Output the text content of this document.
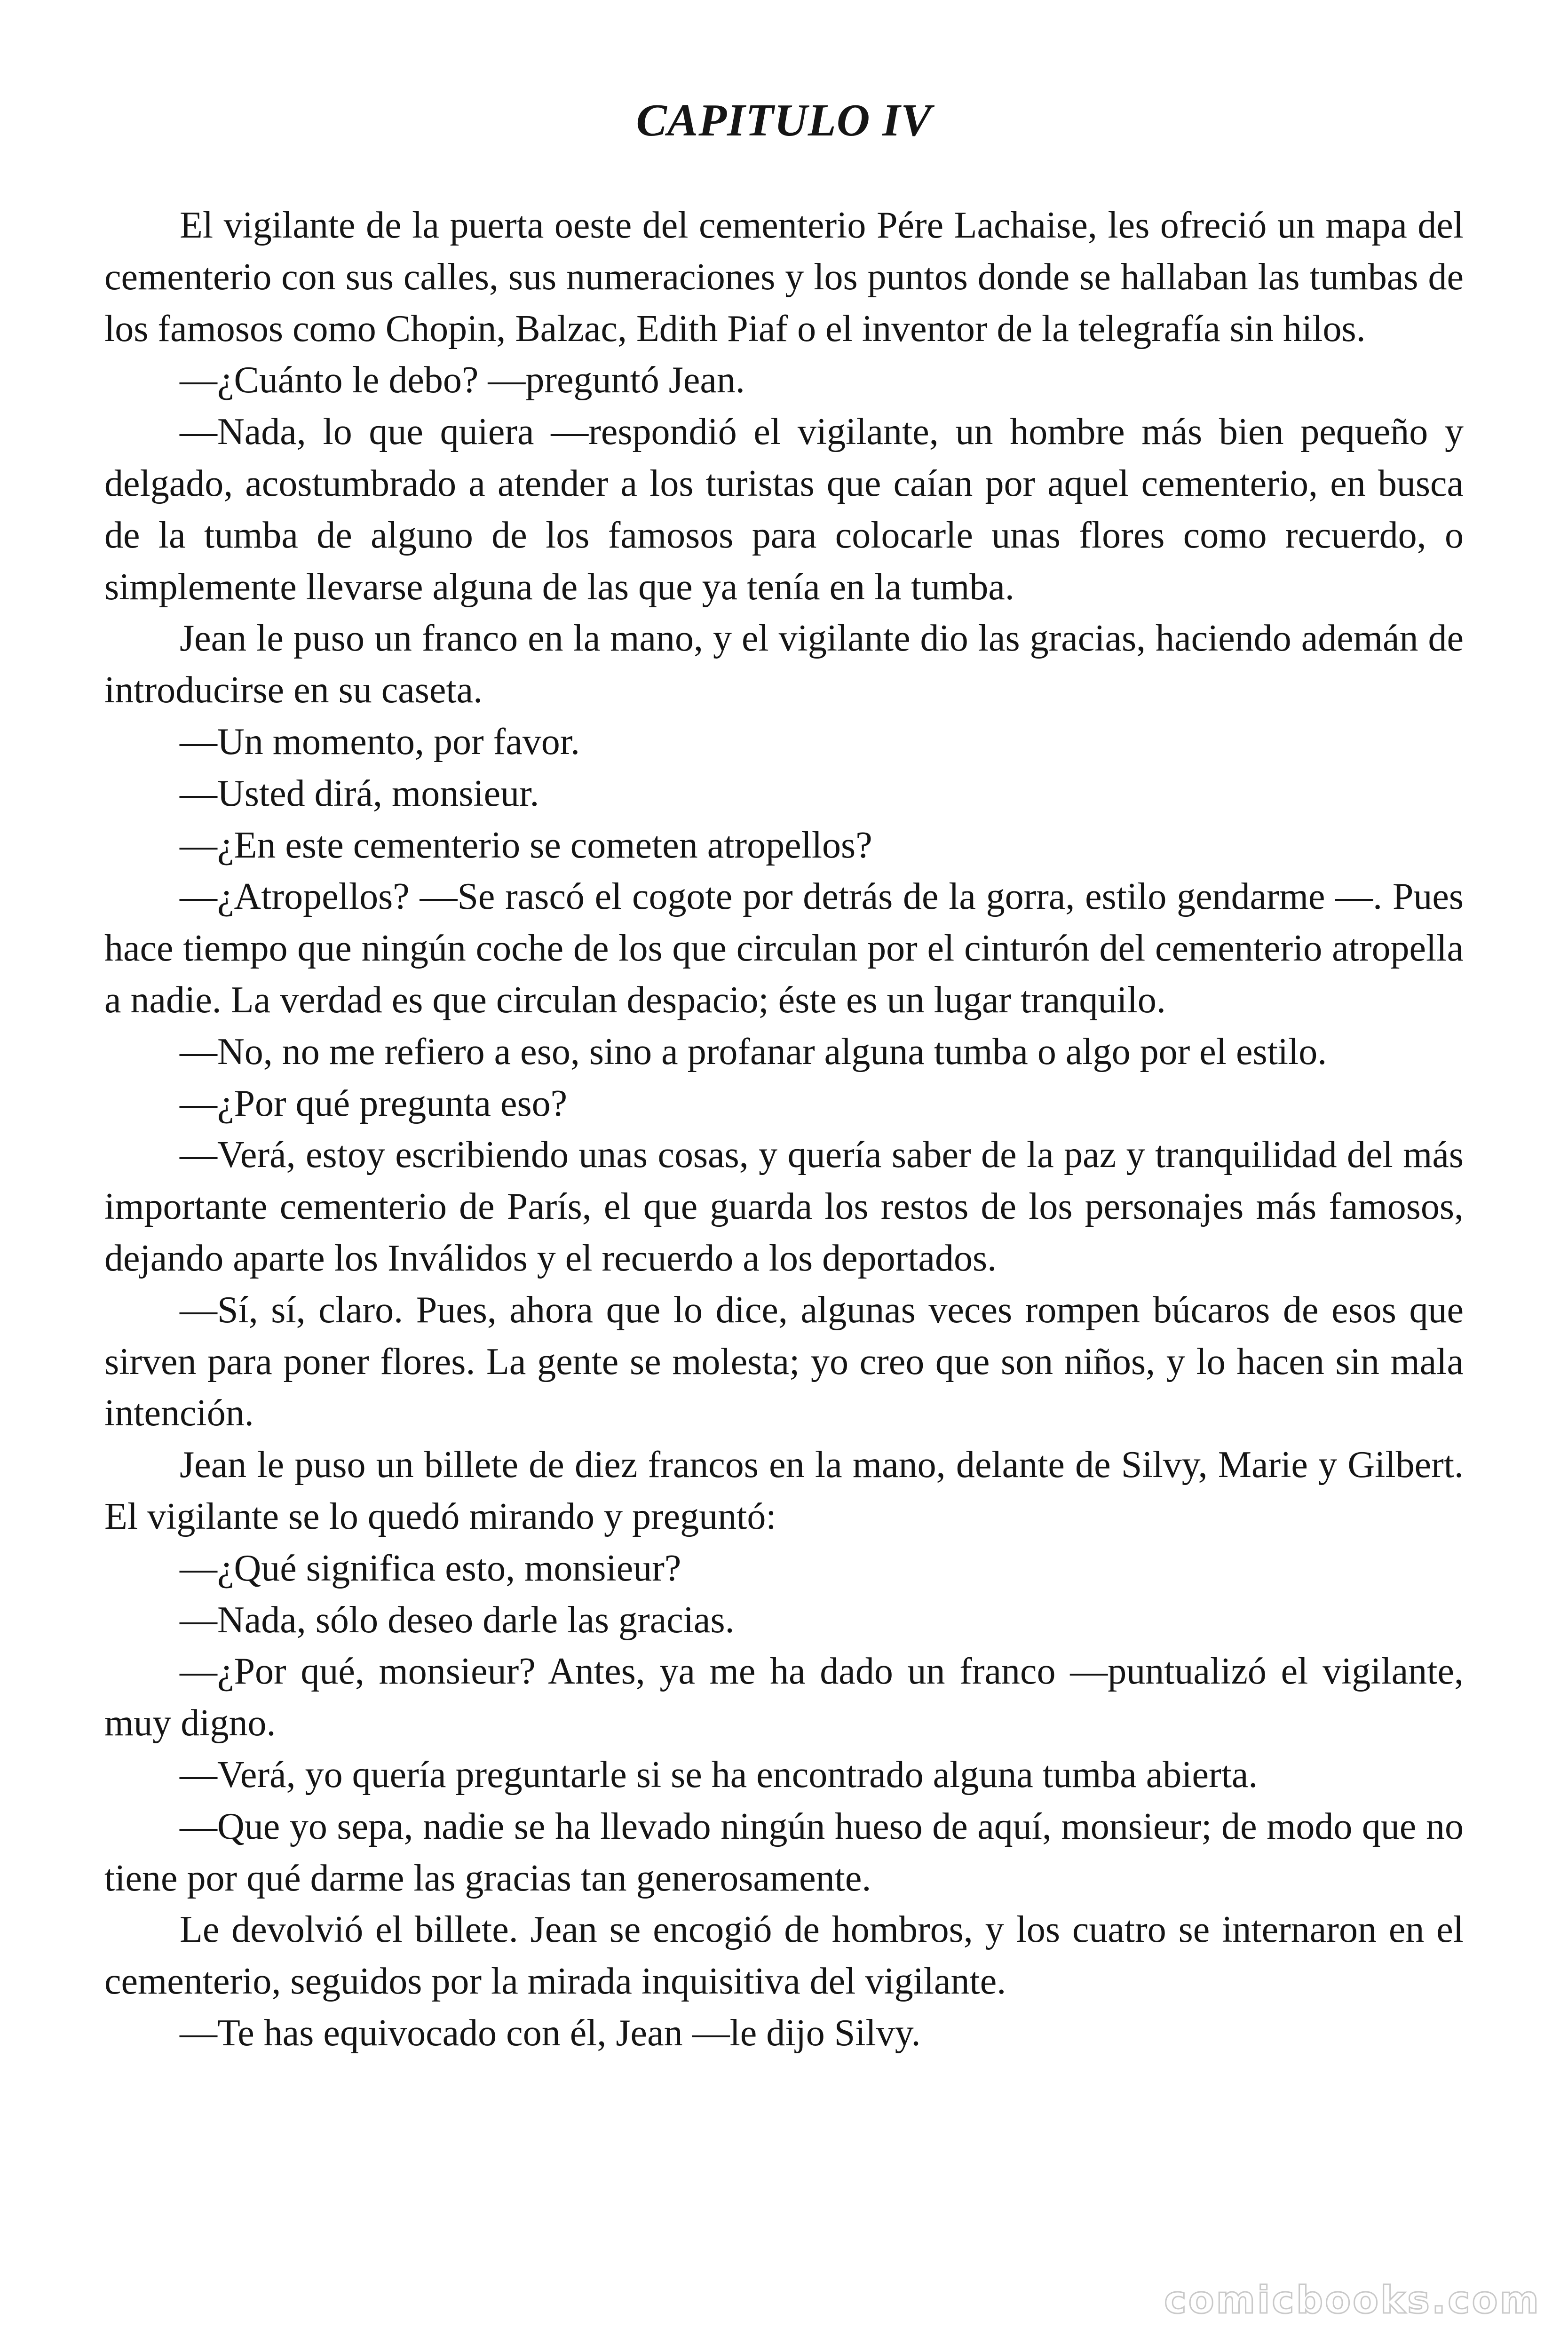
CAPITULO IV

El vigilante de la puerta oeste del cementerio Pére Lachaise, les ofreció un mapa del cementerio con sus calles, sus numeraciones y los puntos donde se hallaban las tumbas de los famosos como Chopin, Balzac, Edith Piaf o el inventor de la telegrafía sin hilos.

—¿Cuánto le debo? —preguntó Jean.

—Nada, lo que quiera —respondió el vigilante, un hombre más bien pequeño y delgado, acostumbrado a atender a los turistas que caían por aquel cementerio, en busca de la tumba de alguno de los famosos para colocarle unas flores como recuerdo, o simplemente llevarse alguna de las que ya tenía en la tumba.

Jean le puso un franco en la mano, y el vigilante dio las gracias, haciendo ademán de introducirse en su caseta.

—Un momento, por favor.

—Usted dirá, monsieur.

—¿En este cementerio se cometen atropellos?

—¿Atropellos? —Se rascó el cogote por detrás de la gorra, estilo gendarme —. Pues hace tiempo que ningún coche de los que circulan por el cinturón del cementerio atropella a nadie. La verdad es que circulan despacio; éste es un lugar tranquilo.

—No, no me refiero a eso, sino a profanar alguna tumba o algo por el estilo.

—¿Por qué pregunta eso?

—Verá, estoy escribiendo unas cosas, y quería saber de la paz y tranquilidad del más importante cementerio de París, el que guarda los restos de los personajes más famosos, dejando aparte los Inválidos y el recuerdo a los deportados.

—Sí, sí, claro. Pues, ahora que lo dice, algunas veces rompen búcaros de esos que sirven para poner flores. La gente se molesta; yo creo que son niños, y lo hacen sin mala intención.

Jean le puso un billete de diez francos en la mano, delante de Silvy, Marie y Gilbert. El vigilante se lo quedó mirando y preguntó:

—¿Qué significa esto, monsieur?

—Nada, sólo deseo darle las gracias.

—¿Por qué, monsieur? Antes, ya me ha dado un franco —puntualizó el vigilante, muy digno.

—Verá, yo quería preguntarle si se ha encontrado alguna tumba abierta.

—Que yo sepa, nadie se ha llevado ningún hueso de aquí, monsieur; de modo que no tiene por qué darme las gracias tan generosamente.

Le devolvió el billete. Jean se encogió de hombros, y los cuatro se internaron en el cementerio, seguidos por la mirada inquisitiva del vigilante.

—Te has equivocado con él, Jean —le dijo Silvy.

comicbooks.com
